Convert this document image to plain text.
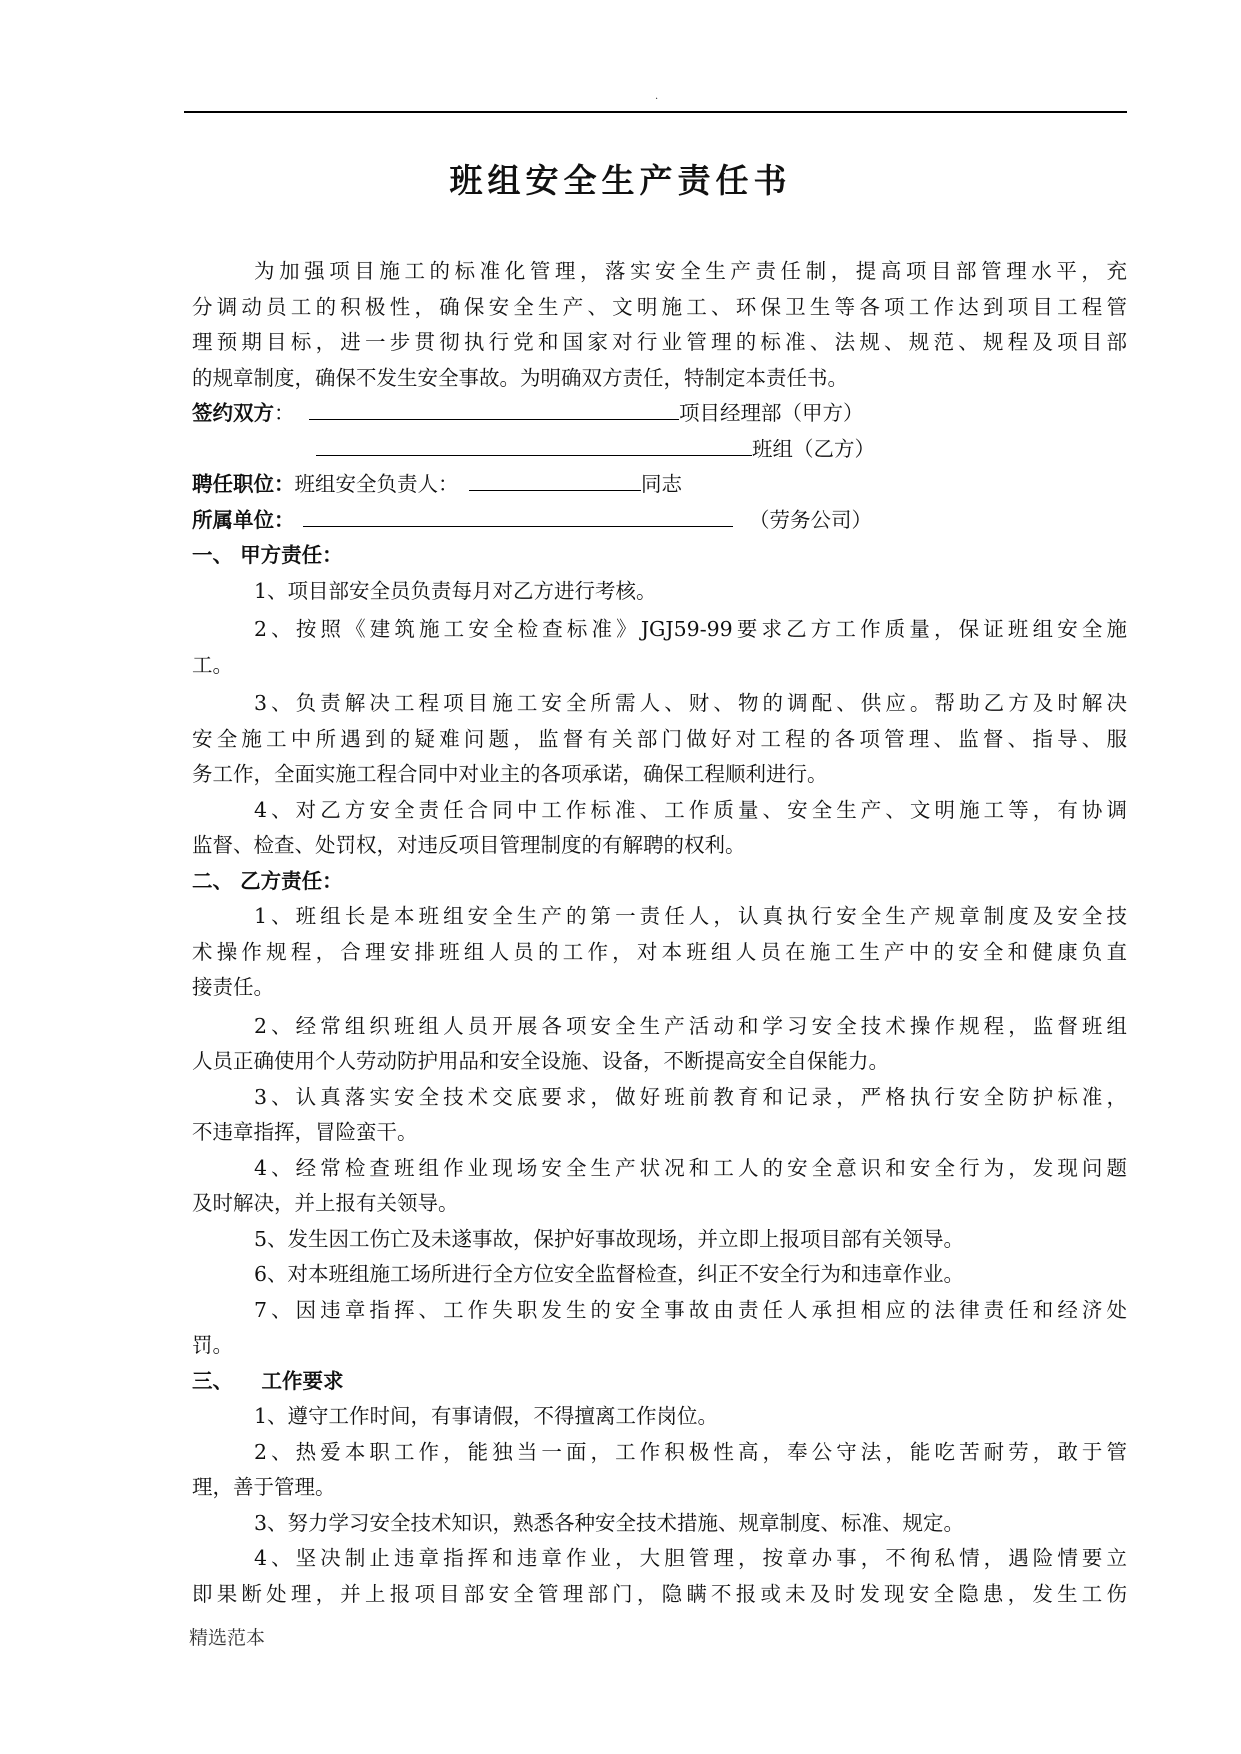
.
班组安全生产责任书
为加强项目施工的标准化管理，落实安全生产责任制，提高项目部管理水平，充
分调动员工的积极性，确保安全生产、文明施工、环保卫生等各项工作达到项目工程管
理预期目标，进一步贯彻执行党和国家对行业管理的标准、法规、规范、规程及项目部
的规章制度，确保不发生安全事故。为明确双方责任，特制定本责任书。
签约双方：	项目经理部（甲方）
班组（乙方）
聘任职位：班组安全负责人：	同志
所属单位：	（劳务公司）
一、 甲方责任：
1、项目部安全员负责每月对乙方进行考核。
2、按照《建筑施工安全检查标准》JGJ59-99要求乙方工作质量，保证班组安全施
工。
3、负责解决工程项目施工安全所需人、财、物的调配、供应。帮助乙方及时解决
安全施工中所遇到的疑难问题，监督有关部门做好对工程的各项管理、监督、指导、服
务工作，全面实施工程合同中对业主的各项承诺，确保工程顺利进行。
4、对乙方安全责任合同中工作标准、工作质量、安全生产、文明施工等，有协调
监督、检查、处罚权，对违反项目管理制度的有解聘的权利。
二、 乙方责任：
1、班组长是本班组安全生产的第一责任人，认真执行安全生产规章制度及安全技
术操作规程，合理安排班组人员的工作，对本班组人员在施工生产中的安全和健康负直
接责任。
2、经常组织班组人员开展各项安全生产活动和学习安全技术操作规程，监督班组
人员正确使用个人劳动防护用品和安全设施、设备，不断提高安全自保能力。
3、认真落实安全技术交底要求，做好班前教育和记录，严格执行安全防护标准，
不违章指挥，冒险蛮干。
4、经常检查班组作业现场安全生产状况和工人的安全意识和安全行为，发现问题
及时解决，并上报有关领导。
5、发生因工伤亡及未遂事故，保护好事故现场，并立即上报项目部有关领导。
6、对本班组施工场所进行全方位安全监督检查，纠正不安全行为和违章作业。
7、因违章指挥、工作失职发生的安全事故由责任人承担相应的法律责任和经济处
罚。
三、    工作要求
1、遵守工作时间，有事请假，不得擅离工作岗位。
2、热爱本职工作，能独当一面，工作积极性高，奉公守法，能吃苦耐劳，敢于管
理，善于管理。
3、努力学习安全技术知识，熟悉各种安全技术措施、规章制度、标准、规定。
4、坚决制止违章指挥和违章作业，大胆管理，按章办事，不徇私情，遇险情要立
即果断处理，并上报项目部安全管理部门，隐瞒不报或未及时发现安全隐患，发生工伤
精选范本
